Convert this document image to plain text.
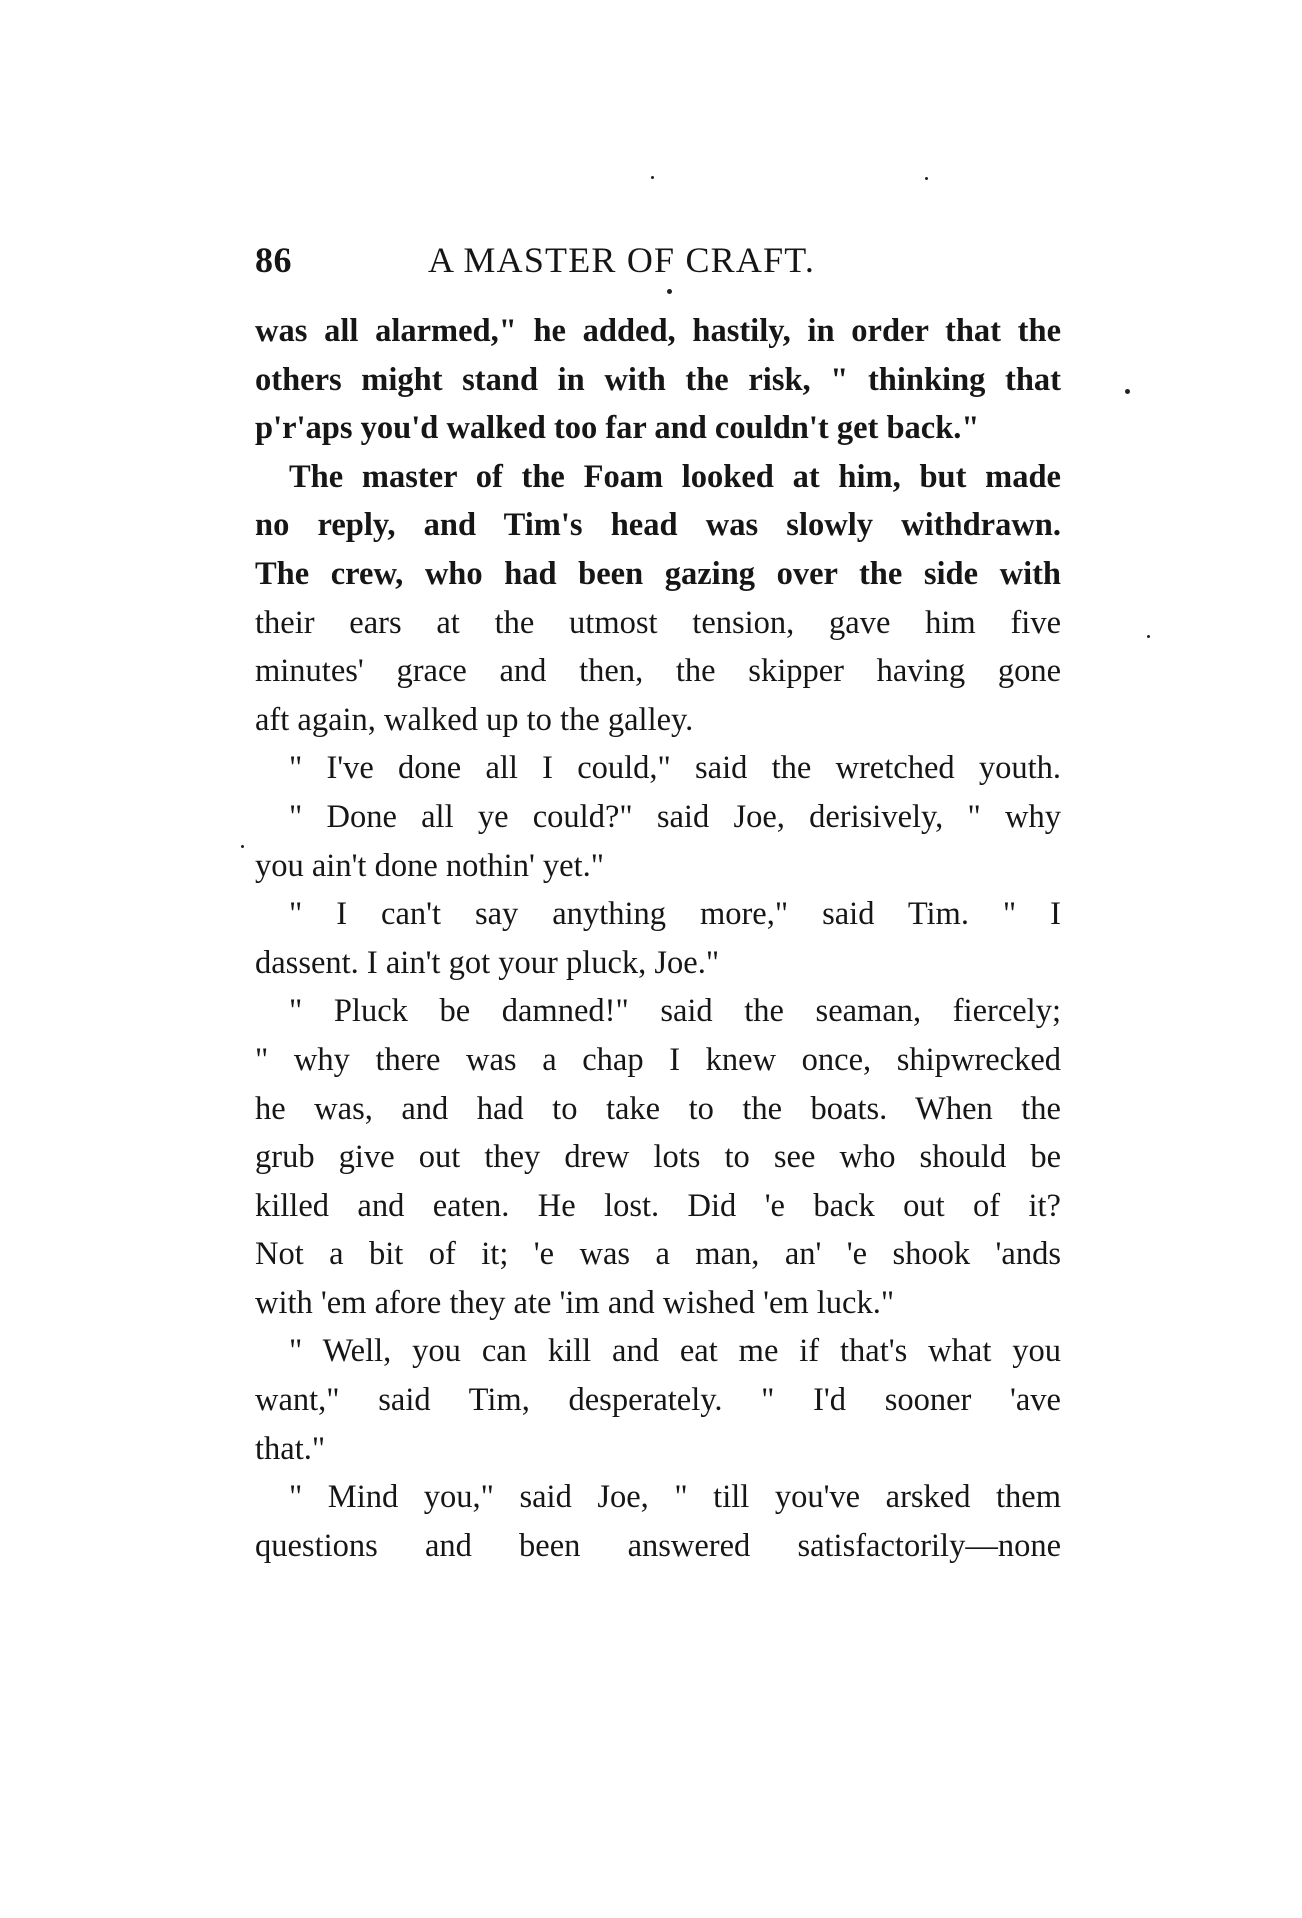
86	A MASTER OF CRAFT.

was all alarmed," he added, hastily, in order that the
others might stand in with the risk, " thinking that
p'r'aps you'd walked too far and couldn't get back."

The master of the Foam looked at him, but made
no reply, and Tim's head was slowly withdrawn.
The crew, who had been gazing over the side with
their ears at the utmost tension, gave him five
minutes' grace and then, the skipper having gone
aft again, walked up to the galley.

" I've done all I could," said the wretched youth.

" Done all ye could?" said Joe, derisively, " why
you ain't done nothin' yet."

" I can't say anything more," said Tim. " I
dassent. I ain't got your pluck, Joe."

" Pluck be damned!" said the seaman, fiercely;
" why there was a chap I knew once, shipwrecked
he was, and had to take to the boats. When the
grub give out they drew lots to see who should be
killed and eaten. He lost. Did 'e back out of it?
Not a bit of it; 'e was a man, an' 'e shook 'ands
with 'em afore they ate 'im and wished 'em luck."

" Well, you can kill and eat me if that's what you
want," said Tim, desperately. " I'd sooner 'ave
that."

" Mind you," said Joe, " till you've arsked them
questions and been answered satisfactorily—none
